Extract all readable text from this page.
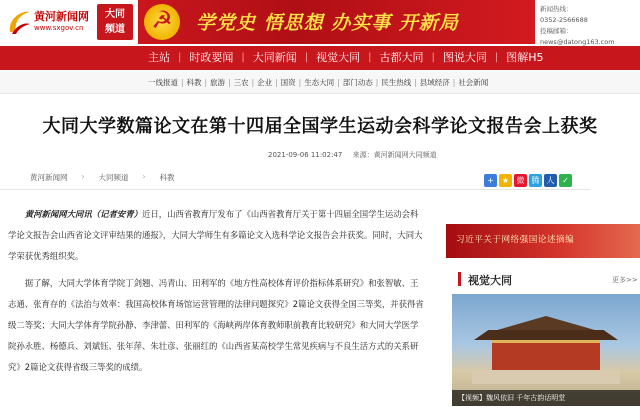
黄河新闻网
www.sxgov.cn
大同
频道
☭	学党史 悟思想 办实事 开新局
新闻热线：
0352-2566688
投稿邮箱：
news@datong163.com
主站 | 时政要闻 | 大同新闻 | 视觉大同 | 古都大同 | 图说大同 | 图解H5
一线报道 | 科教 | 旅游 | 三农 | 企业 | 国资 | 生态大同 | 部门动态 | 民生热线 | 县域经济 | 社会新闻
大同大学数篇论文在第十四届全国学生运动会科学论文报告会上获奖
2021-09-06 11:02:47 来源：黄河新闻网大同频道
黄河新闻网 › 大同频道 › 科教	+	★ 微 腾 人 ✓

黄河新闻网大同讯（记者安青）近日，山西省教育厅发布了《山西省教育厅关于第十四届全国学生运动会科学论文报告会山西省论文评审结果的通报》，大同大学师生有多篇论文入选科学论文报告会并获奖。同时，大同大学荣获优秀组织奖。

据了解，大同大学体育学院丁剑翘、冯青山、田利军的《地方性高校体育评价指标体系研究》和张智敏、王志通、张育存的《法治与效率：我国高校体育场馆运营管理的法律问题探究》2篇论文获得全国三等奖，并获得省级二等奖；大同大学体育学院孙静、李津蕾、田利军的《海峡两岸体育教师职前教育比较研究》和大同大学医学院孙永胜、杨德兵、刘斌钰、张年萍、朱壮彦、张丽红的《山西省某高校学生常见疾病与不良生活方式的关系研究》2篇论文获得省级三等奖的成绩。

习近平关于网络强国论述摘编
视觉大同	更多>>
【视频】魏风依旧 千年古韵话明堂
